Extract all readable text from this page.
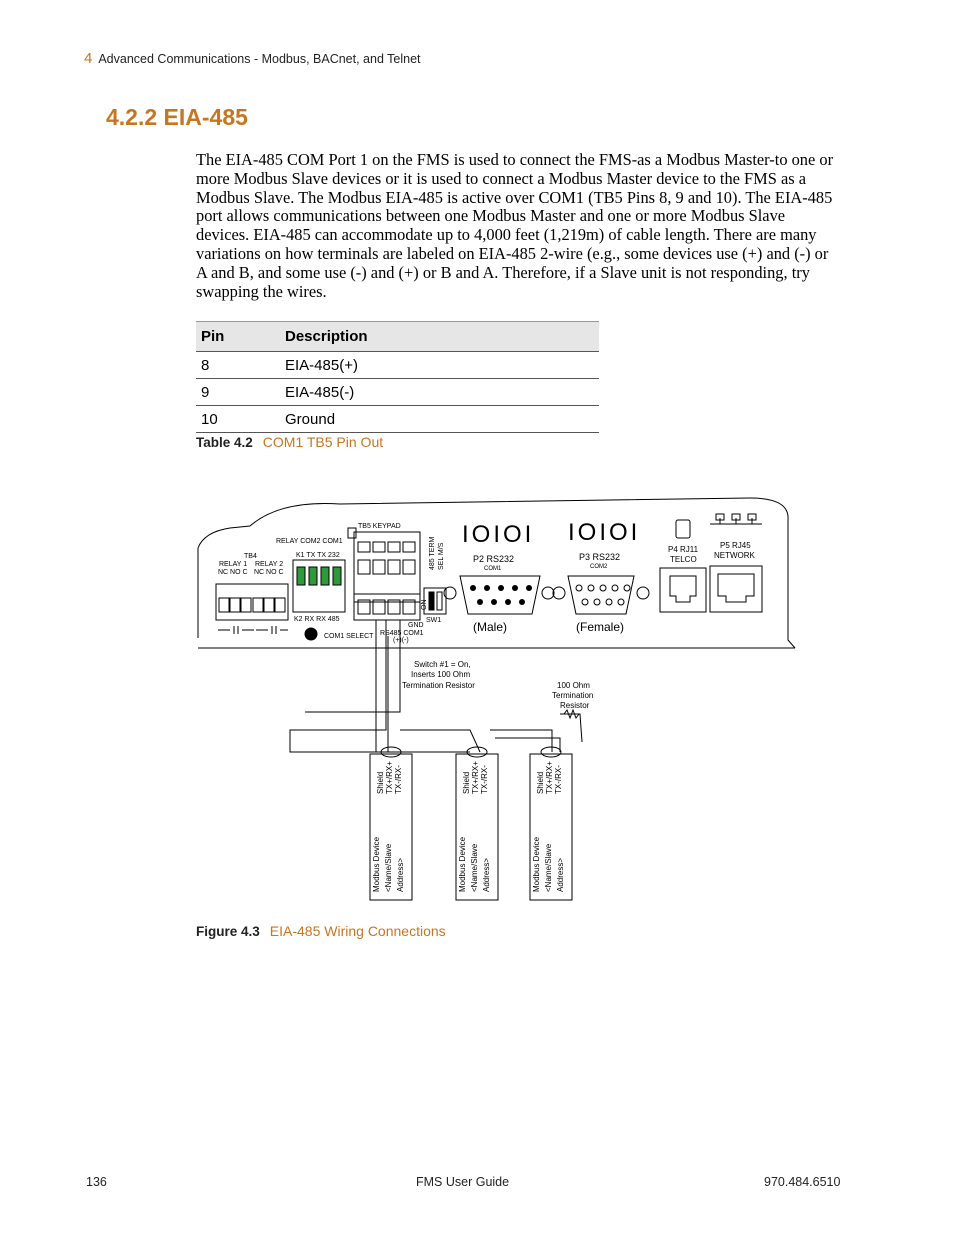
4 Advanced Communications - Modbus, BACnet, and Telnet
4.2.2 EIA-485
The EIA-485 COM Port 1 on the FMS is used to connect the FMS-as a Modbus Master-to one or more Modbus Slave devices or it is used to connect a Modbus Master device to the FMS as a Modbus Slave. The Modbus EIA-485 is active over COM1 (TB5 Pins 8, 9 and 10). The EIA-485 port allows communications between one Modbus Master and one or more Modbus Slave devices. EIA-485 can accommodate up to 4,000 feet (1,219m) of cable length. There are many variations on how terminals are labeled on EIA-485 2-wire (e.g., some devices use (+) and (-) or A and B, and some use (-) and (+) or B and A. Therefore, if a Slave unit is not responding, try swapping the wires.
Pin	Description
8	EIA-485(+)
9	EIA-485(-)
10	Ground
Table 4.2 COM1 TB5 Pin Out
TB5 KEYPAD
RELAY COM2 COM1
K1 TX TX 232
TB4
RELAY 1 RELAY 2
NC NO C NC NO C
K2 RX RX 485
COM1 SELECT
GND
RS485 COM1
(+)(-)
SW1
485 TERM SEL M/S
ON
P2 RS232
COM1
P3 RS232
COM2
(Male)	(Female)
P4 RJ11
TELCO
P5 RJ45
NETWORK
IOIOI IOIOI
Switch #1 = On,
Inserts 100 Ohm
Termination Resistor	100 Ohm
Termination
Resistor
Shield TX+/RX+ TX-/RX-
Modbus Device <Name/Slave Address>
Shield TX+/RX+ TX-/RX-
Modbus Device <Name/Slave Address>
Shield TX+/RX+ TX-/RX-
Modbus Device <Name/Slave Address>
Figure 4.3 EIA-485 Wiring Connections
136	FMS User Guide	970.484.6510
